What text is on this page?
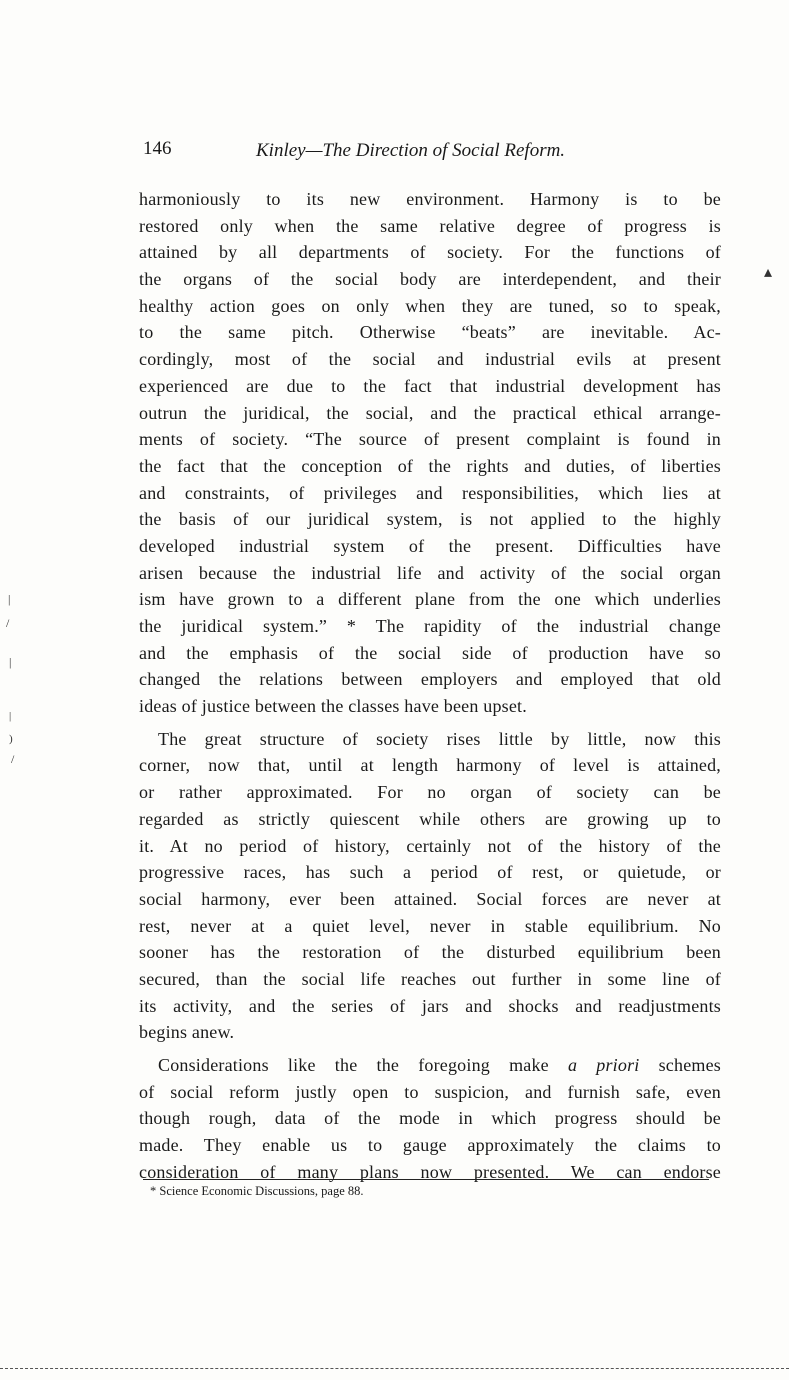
146	Kinley—The Direction of Social Reform.
harmoniously to its new environment. Harmony is to be
restored only when the same relative degree of progress is
attained by all departments of society. For the functions of
the organs of the social body are interdependent, and their
healthy action goes on only when they are tuned, so to speak,
to the same pitch. Otherwise “beats” are inevitable. Ac-
cordingly, most of the social and industrial evils at present
experienced are due to the fact that industrial development has
outrun the juridical, the social, and the practical ethical arrange-
ments of society. “The source of present complaint is found in
the fact that the conception of the rights and duties, of liberties
and constraints, of privileges and responsibilities, which lies at
the basis of our juridical system, is not applied to the highly
developed industrial system of the present. Difficulties have
arisen because the industrial life and activity of the social organ
ism have grown to a different plane from the one which underlies
the juridical system.” * The rapidity of the industrial change
and the emphasis of the social side of production have so
changed the relations between employers and employed that old
ideas of justice between the classes have been upset.
The great structure of society rises little by little, now this
corner, now that, until at length harmony of level is attained,
or rather approximated. For no organ of society can be
regarded as strictly quiescent while others are growing up to
it. At no period of history, certainly not of the history of the
progressive races, has such a period of rest, or quietude, or
social harmony, ever been attained. Social forces are never at
rest, never at a quiet level, never in stable equilibrium. No
sooner has the restoration of the disturbed equilibrium been
secured, than the social life reaches out further in some line of
its activity, and the series of jars and shocks and readjustments
begins anew.
Considerations like the the foregoing make a priori schemes
of social reform justly open to suspicion, and furnish safe, even
though rough, data of the mode in which progress should be
made. They enable us to gauge approximately the claims to
consideration of many plans now presented. We can endorse
* Science Economic Discussions, page 88.
▴
|
/
|
|
)
/
